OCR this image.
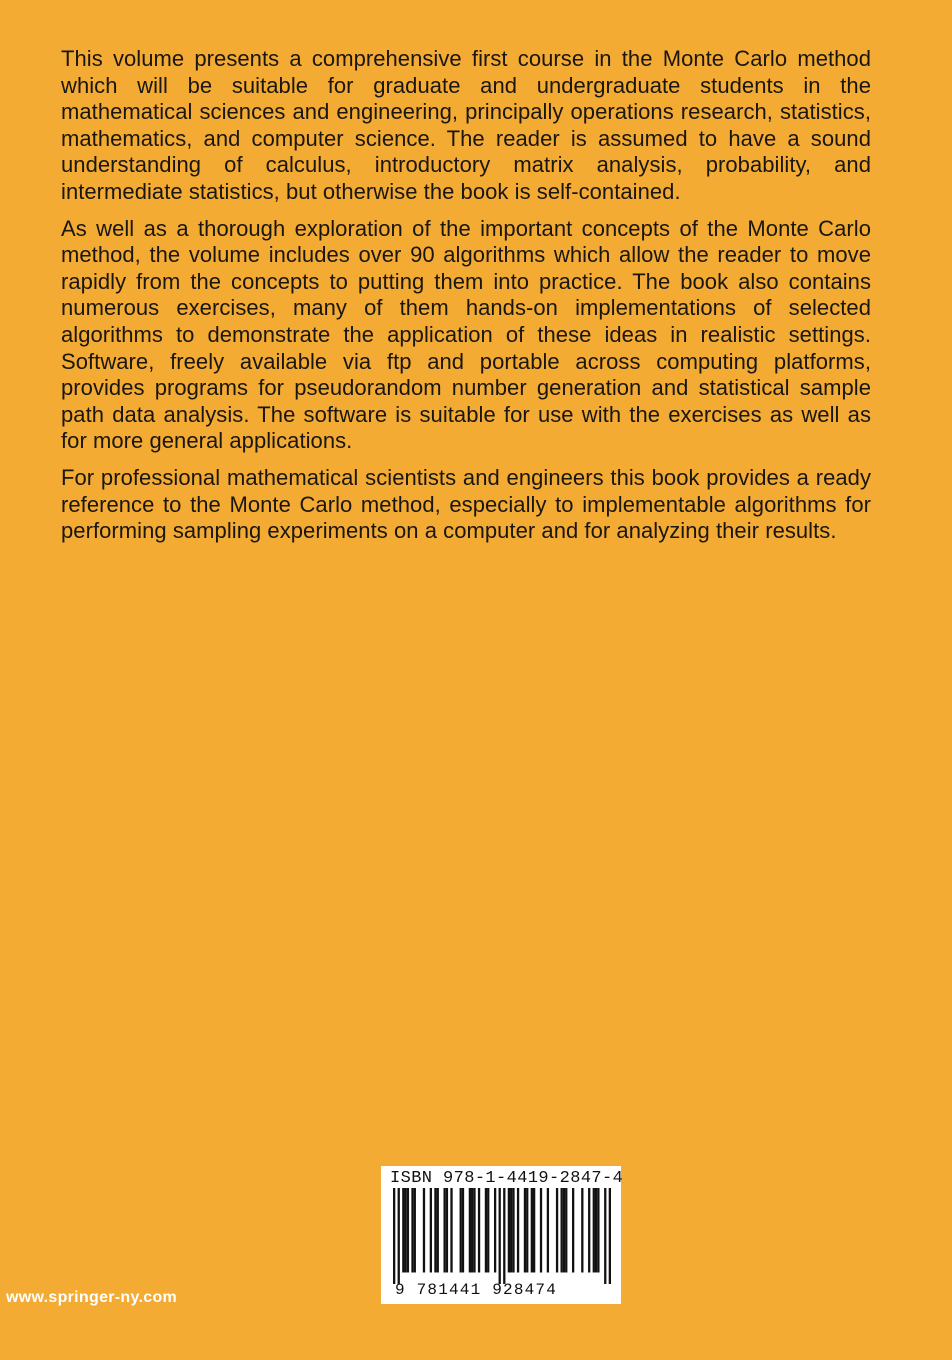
This volume presents a comprehensive first course in the Monte Carlo method which will be suitable for graduate and undergraduate students in the mathematical sciences and engineering, principally operations research, statistics, mathematics, and computer science. The reader is assumed to have a sound understanding of calculus, introductory matrix analysis, probability, and intermediate statistics, but otherwise the book is self-contained.

As well as a thorough exploration of the important concepts of the Monte Carlo method, the volume includes over 90 algorithms which allow the reader to move rapidly from the concepts to putting them into practice. The book also contains numerous exercises, many of them hands-on implementations of selected algorithms to demonstrate the application of these ideas in realistic settings. Software, freely available via ftp and portable across computing platforms, provides programs for pseudorandom number generation and statistical sample path data analysis. The software is suitable for use with the exercises as well as for more general applications.

For professional mathematical scientists and engineers this book provides a ready reference to the Monte Carlo method, especially to implementable algorithms for performing sampling experiments on a computer and for analyzing their results.

www.springer-ny.com
ISBN 978-1-4419-2847-4
9 781441 928474
